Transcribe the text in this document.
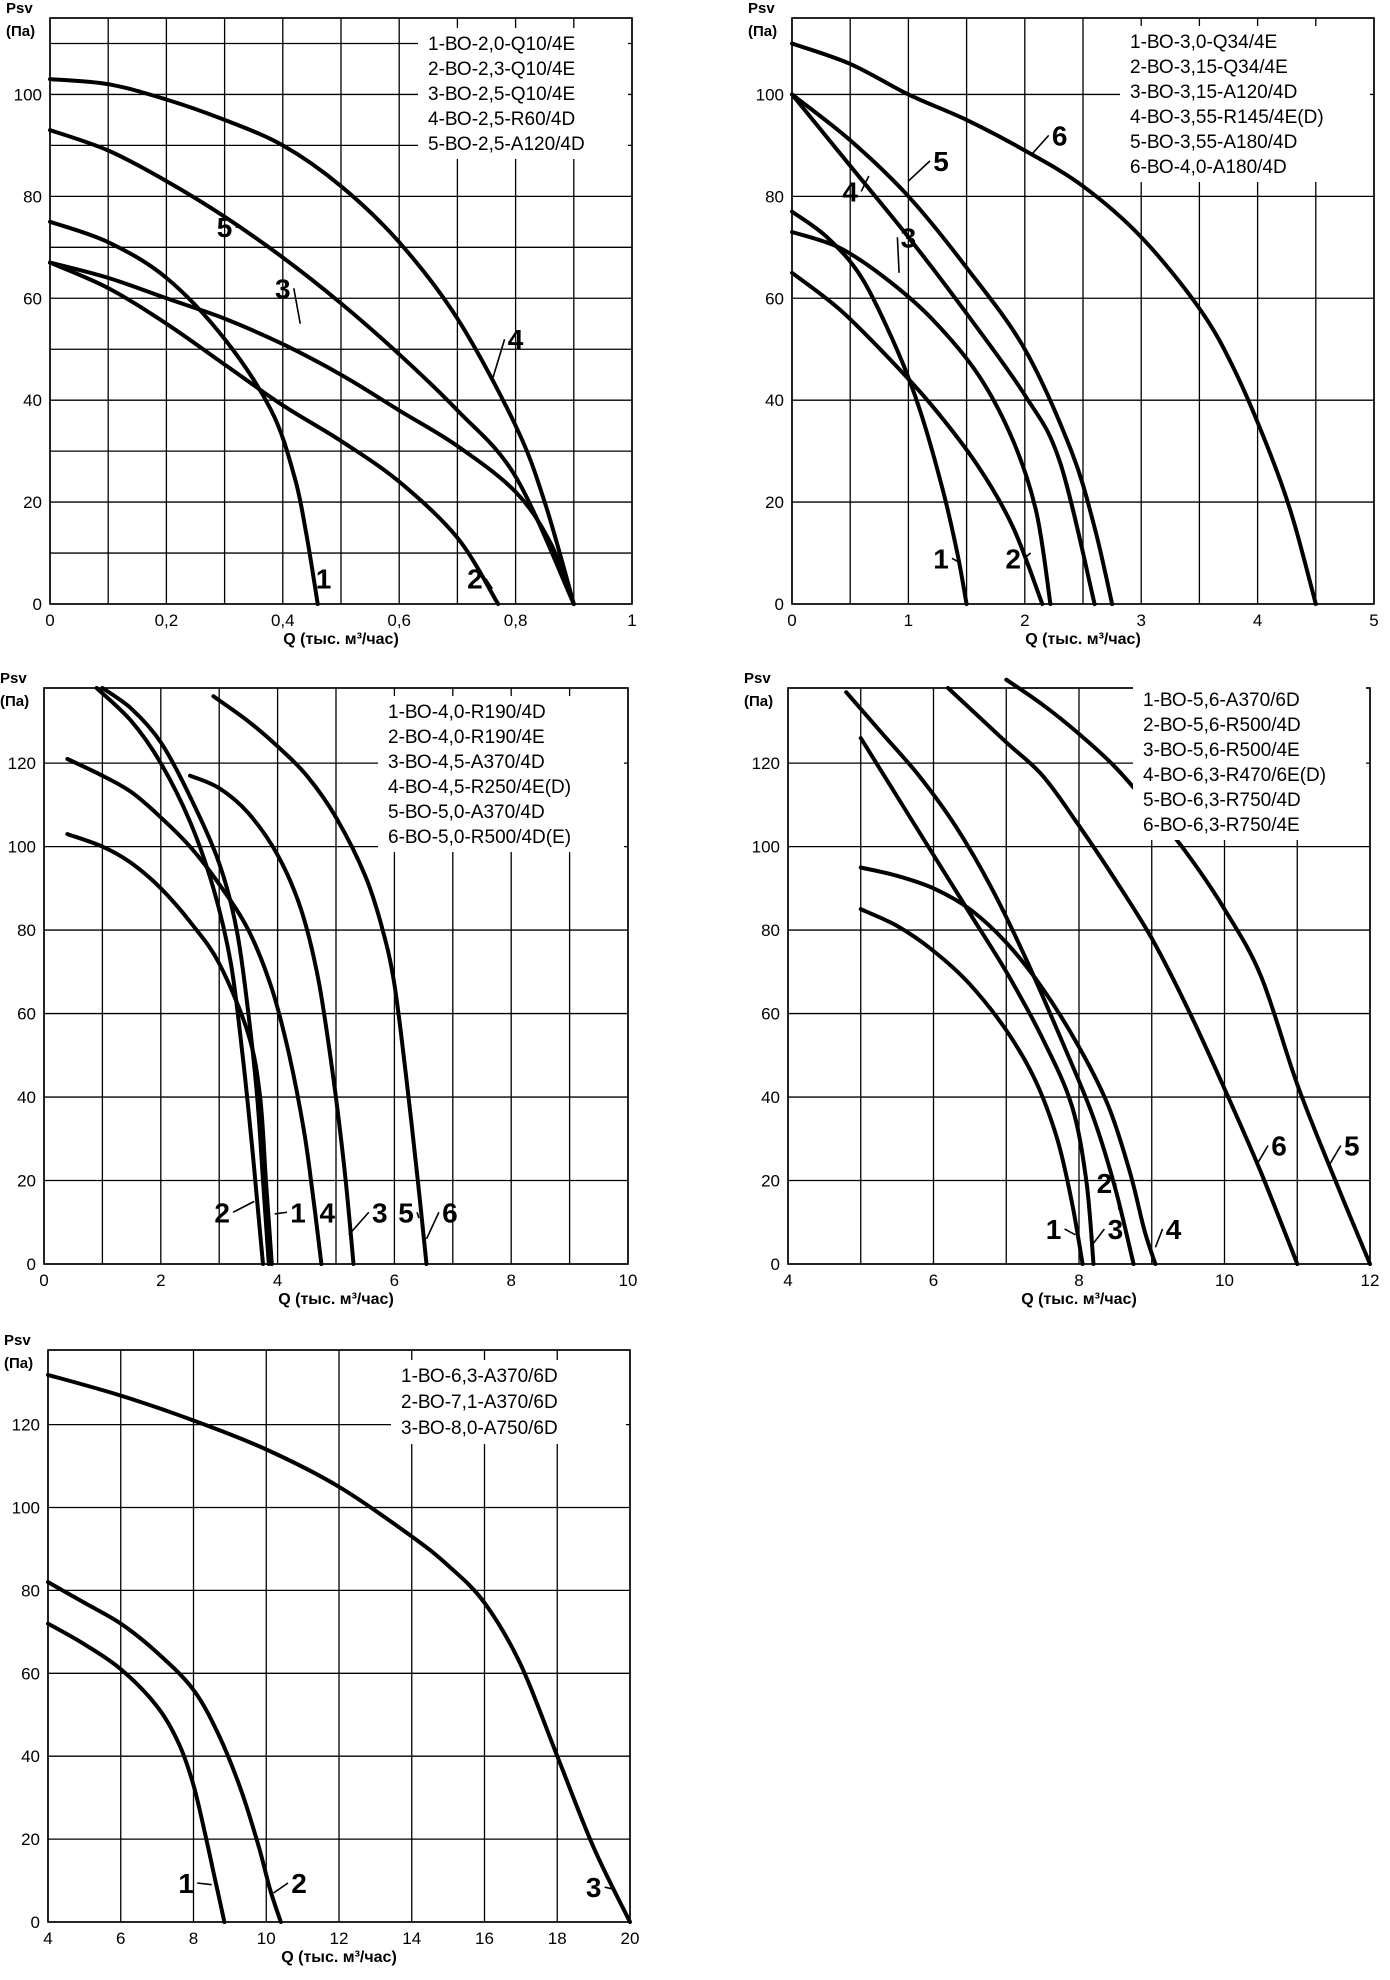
0	0,2	0,4	0,6	0,8	1
0
20
40
60
80
100
Psv
(Па)
Q (тыс. м³/час)
1-ВО-2,0-Q10/4E
2-ВО-2,3-Q10/4E
3-ВО-2,5-Q10/4E
4-ВО-2,5-R60/4D
5-ВО-2,5-A120/4D
1	2
3
4
5
0	1	2	3	4	5
0
20
40
60
80
100
Psv
(Па)
Q (тыс. м³/час)
1-ВО-3,0-Q34/4E
2-ВО-3,15-Q34/4E
3-ВО-3,15-A120/4D
4-ВО-3,55-R145/4E(D)
5-ВО-3,55-A180/4D
6-ВО-4,0-A180/4D
1 2
3
4
5
6
0	2	4	6	8	10
0
20
40
60
80
100
120
Psv
(Па)
Q (тыс. м³/час)
1-ВО-4,0-R190/4D
2-ВО-4,0-R190/4E
3-ВО-4,5-A370/4D
4-ВО-4,5-R250/4E(D)
5-ВО-5,0-A370/4D
6-ВО-5,0-R500/4D(E)
2 1 4 3 5 6
4	6	8	10	12
0
20
40
60
80
100
120
Psv
(Па)
Q (тыс. м³/час)
1-ВО-5,6-A370/6D
2-ВО-5,6-R500/4D
3-ВО-5,6-R500/4E
4-ВО-6,3-R470/6E(D)
5-ВО-6,3-R750/4D
6-ВО-6,3-R750/4E
1 3
2
4
6 5
4	6	8	10	12	14	16	18	20
0
20
40
60
80
100
120
Psv
(Па)
Q (тыс. м³/час)
1-ВО-6,3-A370/6D
2-ВО-7,1-A370/6D
3-ВО-8,0-A750/6D
1	2	3
